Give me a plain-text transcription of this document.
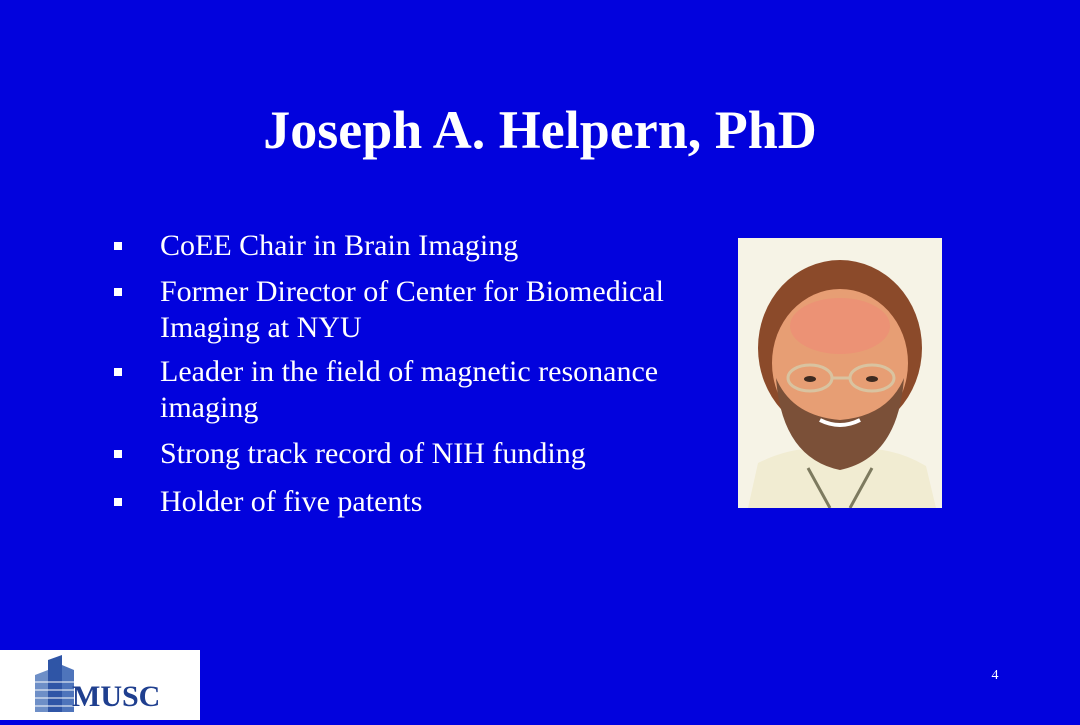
Joseph A. Helpern, PhD
CoEE Chair in Brain Imaging
Former Director of Center for Biomedical Imaging at NYU
Leader in the field of magnetic resonance imaging
Strong track record of NIH funding
Holder of five patents
4
MUSC
